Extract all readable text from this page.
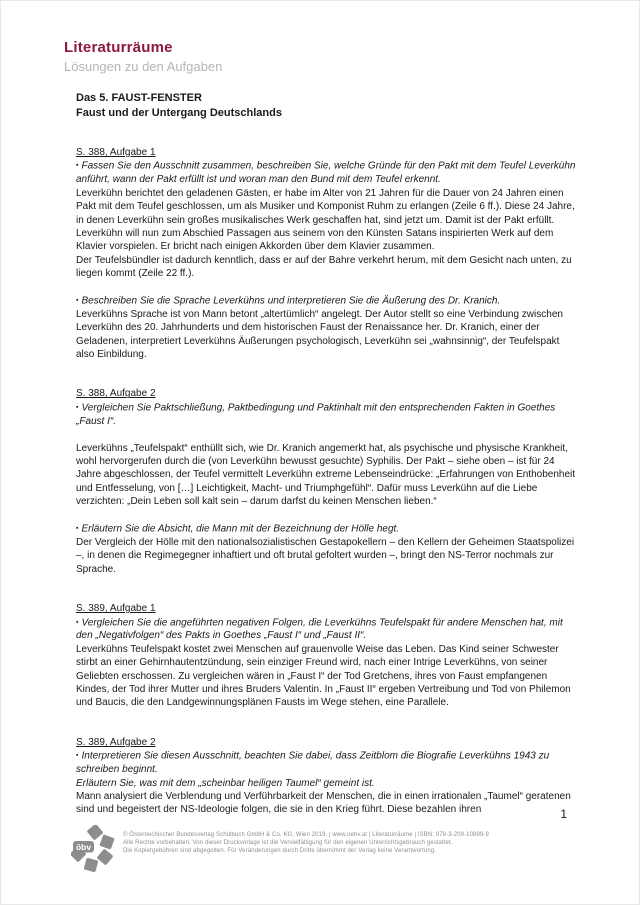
Literaturräume
Lösungen zu den Aufgaben
Das 5. FAUST-FENSTER
Faust und der Untergang Deutschlands

S. 388, Aufgabe 1

▪ Fassen Sie den Ausschnitt zusammen, beschreiben Sie, welche Gründe für den Pakt mit dem Teufel Leverkühn anführt, wann der Pakt erfüllt ist und woran man den Bund mit dem Teufel erkennt.

Leverkühn berichtet den geladenen Gästen, er habe im Alter von 21 Jahren für die Dauer von 24 Jahren einen Pakt mit dem Teufel geschlossen, um als Musiker und Komponist Ruhm zu erlangen (Zeile 6 ff.). Diese 24 Jahre, in denen Leverkühn sein großes musikalisches Werk geschaffen hat, sind jetzt um. Damit ist der Pakt erfüllt. Leverkühn will nun zum Abschied Passagen aus seinem von den Künsten Satans inspirierten Werk auf dem Klavier vorspielen. Er bricht nach einigen Akkorden über dem Klavier zusammen.

Der Teufelsbündler ist dadurch kenntlich, dass er auf der Bahre verkehrt herum, mit dem Gesicht nach unten, zu liegen kommt (Zeile 22 ff.).

▪ Beschreiben Sie die Sprache Leverkühns und interpretieren Sie die Äußerung des Dr. Kranich.

Leverkühns Sprache ist von Mann betont „altertümlich“ angelegt. Der Autor stellt so eine Verbindung zwischen Leverkühn des 20. Jahrhunderts und dem historischen Faust der Renaissance her. Dr. Kranich, einer der Geladenen, interpretiert Leverkühns Äußerungen psychologisch, Leverkühn sei „wahnsinnig“, der Teufelspakt also Einbildung.

S. 388, Aufgabe 2

▪ Vergleichen Sie Paktschließung, Paktbedingung und Paktinhalt mit den entsprechenden Fakten in Goethes „Faust I“.

Leverkühns „Teufelspakt“ enthüllt sich, wie Dr. Kranich angemerkt hat, als psychische und physische Krankheit, wohl hervorgerufen durch die (von Leverkühn bewusst gesuchte) Syphilis. Der Pakt – siehe oben – ist für 24 Jahre abgeschlossen, der Teufel vermittelt Leverkühn extreme Lebenseindrücke: „Erfahrungen von Enthobenheit und Entfesselung, von […] Leichtigkeit, Macht- und Triumphgefühl“. Dafür muss Leverkühn auf die Liebe verzichten: „Dein Leben soll kalt sein – darum darfst du keinen Menschen lieben.“

▪ Erläutern Sie die Absicht, die Mann mit der Bezeichnung der Hölle hegt.

Der Vergleich der Hölle mit den nationalsozialistischen Gestapokellern – den Kellern der Geheimen Staatspolizei –, in denen die Regimegegner inhaftiert und oft brutal gefoltert wurden –, bringt den NS-Terror nochmals zur Sprache.

S. 389, Aufgabe 1

▪ Vergleichen Sie die angeführten negativen Folgen, die Leverkühns Teufelspakt für andere Menschen hat, mit den „Negativfolgen“ des Pakts in Goethes „Faust I“ und „Faust II“.

Leverkühns Teufelspakt kostet zwei Menschen auf grauenvolle Weise das Leben. Das Kind seiner Schwester stirbt an einer Gehirnhautentzündung, sein einziger Freund wird, nach einer Intrige Leverkühns, von seiner Geliebten erschossen. Zu vergleichen wären in „Faust I“ der Tod Gretchens, ihres von Faust empfangenen Kindes, der Tod ihrer Mutter und ihres Bruders Valentin. In „Faust II“ ergeben Vertreibung und Tod von Philemon und Baucis, die den Landgewinnungsplänen Fausts im Wege stehen, eine Parallele.

S. 389, Aufgabe 2

▪ Interpretieren Sie diesen Ausschnitt, beachten Sie dabei, dass Zeitblom die Biografie Leverkühns 1943 zu schreiben beginnt.

Erläutern Sie, was mit dem „scheinbar heiligen Taumel“ gemeint ist.

Mann analysiert die Verblendung und Verführbarkeit der Menschen, die in einen irrationalen „Taumel“ geratenen sind und begeistert der NS-Ideologie folgen, die sie in den Krieg führt. Diese bezahlen ihren	1
öbv
© Österreichischer Bundesverlag Schulbuch GmbH & Co. KG, Wien 2019. | www.oebv.at | Literaturräume | ISBN: 978-3-209-10899-9
Alle Rechte vorbehalten. Von dieser Druckvorlage ist die Vervielfältigung für den eigenen Unterrichtsgebrauch gestattet.
Die Kopiergebühren sind abgegolten. Für Veränderungen durch Dritte übernimmt der Verlag keine Verantwortung.
